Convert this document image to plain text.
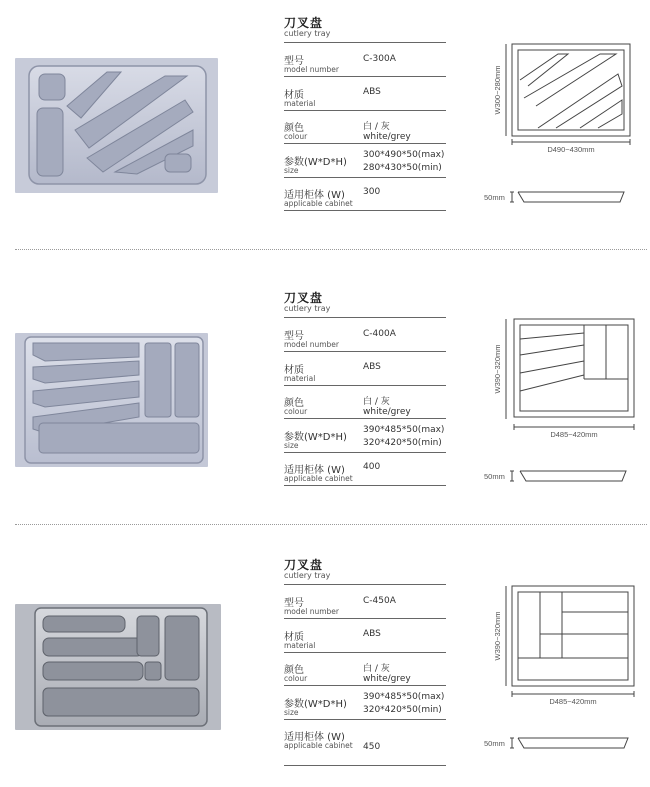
刀叉盘
cutlery tray
型号
model number
C-300A
材质
material
ABS
颜色
colour
白 / 灰
white/grey
参数(W*D*H)
size
300*490*50(max)
280*430*50(min)
适用柜体 (W)
applicable cabinet
300
W300~280mm
D490~430mm
50mm
刀叉盘
cutlery tray
型号
model number
C-400A
材质
material
ABS
颜色
colour
白 / 灰
white/grey
参数(W*D*H)
size
390*485*50(max)
320*420*50(min)
适用柜体 (W)
applicable cabinet
400
W390~320mm
D485~420mm
50mm
刀叉盘
cutlery tray
型号
model number
C-450A
材质
material
ABS
颜色
colour
白 / 灰
white/grey
参数(W*D*H)
size
390*485*50(max)
320*420*50(min)
适用柜体 (W)
applicable cabinet 450
W390~320mm
D485~420mm
50mm
